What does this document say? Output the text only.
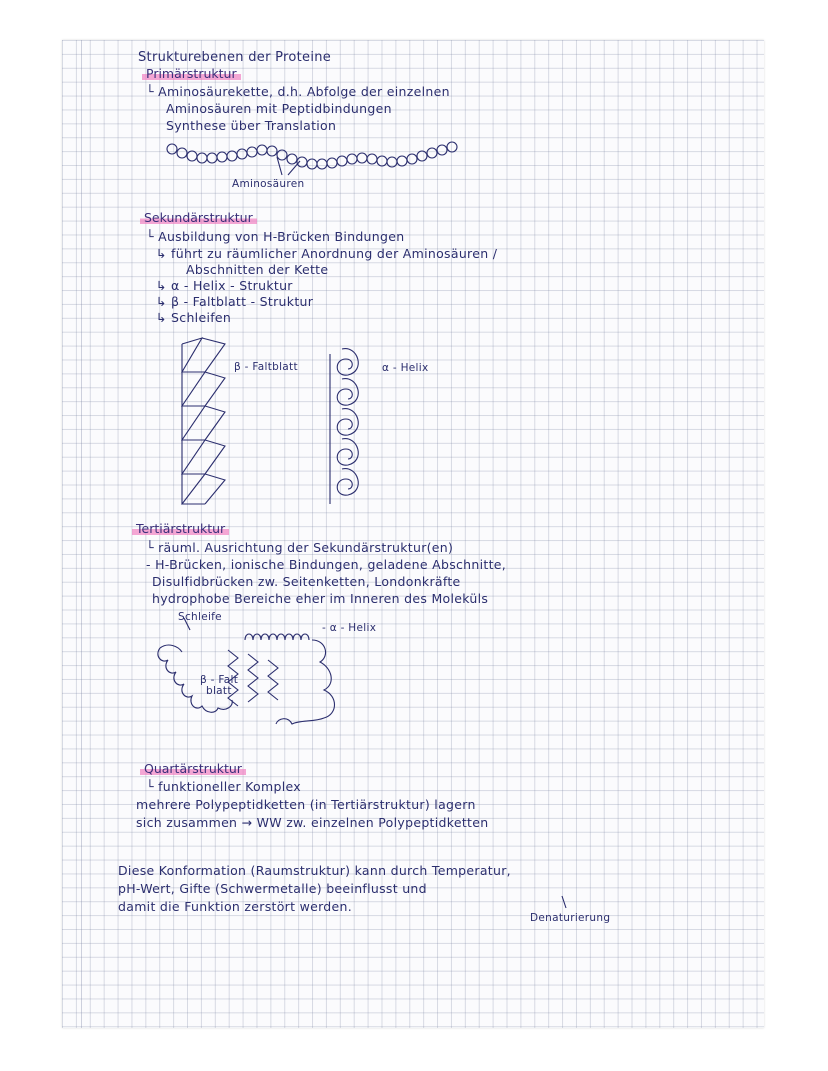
Strukturebenen der Proteine
Primärstruktur
└ Aminosäurekette, d.h. Abfolge der einzelnen
Aminosäuren mit Peptidbindungen
Synthese über Translation
Aminosäuren
Sekundärstruktur
└ Ausbildung von H-Brücken Bindungen
↳ führt zu räumlicher Anordnung der Aminosäuren /
Abschnitten der Kette
↳ α - Helix - Struktur
↳ β - Faltblatt - Struktur
↳ Schleifen
β - Faltblatt	α - Helix
Tertiärstruktur
└ räuml. Ausrichtung der Sekundärstruktur(en)
- H-Brücken, ionische Bindungen, geladene Abschnitte,
Disulfidbrücken zw. Seitenketten, Londonkräfte
hydrophobe Bereiche eher im Inneren des Moleküls
Schleife
- α - Helix
β - Falt
blatt
Quartärstruktur
└ funktioneller Komplex
mehrere Polypeptidketten (in Tertiärstruktur) lagern
sich zusammen → WW zw. einzelnen Polypeptidketten
Diese Konformation (Raumstruktur) kann durch Temperatur,
pH-Wert, Gifte (Schwermetalle) beeinflusst und
damit die Funktion zerstört werden.
Denaturierung
